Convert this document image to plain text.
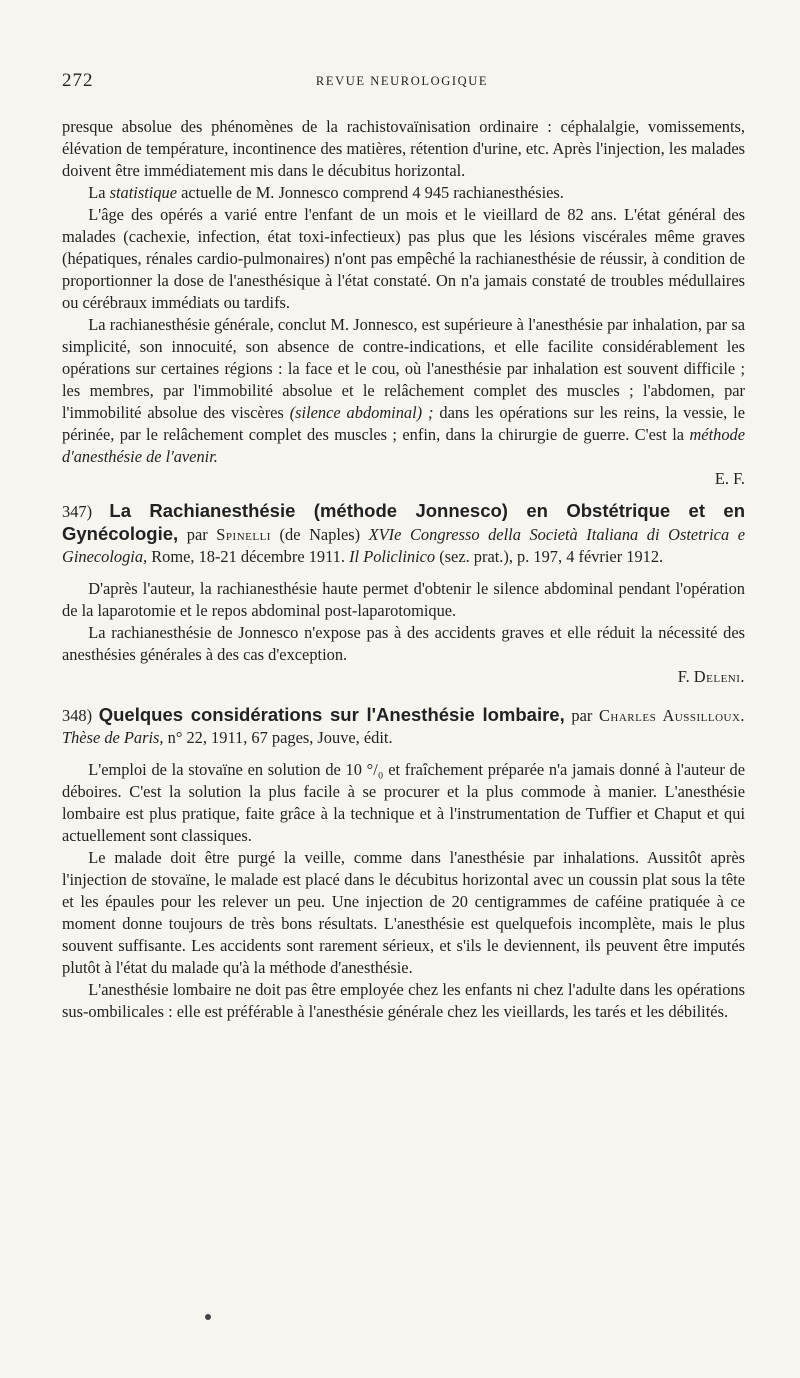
272	REVUE NEUROLOGIQUE

presque absolue des phénomènes de la rachistovaïnisation ordinaire : céphalalgie, vomissements, élévation de température, incontinence des matières, rétention d'urine, etc. Après l'injection, les malades doivent être immédiatement mis dans le décubitus horizontal.

La statistique actuelle de M. Jonnesco comprend 4 945 rachianesthésies.

L'âge des opérés a varié entre l'enfant de un mois et le vieillard de 82 ans. L'état général des malades (cachexie, infection, état toxi-infectieux) pas plus que les lésions viscérales même graves (hépatiques, rénales cardio-pulmonaires) n'ont pas empêché la rachianesthésie de réussir, à condition de proportionner la dose de l'anesthésique à l'état constaté. On n'a jamais constaté de troubles médullaires ou cérébraux immédiats ou tardifs.

La rachianesthésie générale, conclut M. Jonnesco, est supérieure à l'anesthésie par inhalation, par sa simplicité, son innocuité, son absence de contre-indications, et elle facilite considérablement les opérations sur certaines régions : la face et le cou, où l'anesthésie par inhalation est souvent difficile ; les membres, par l'immobilité absolue et le relâchement complet des muscles ; l'abdomen, par l'immobilité absolue des viscères (silence abdominal) ; dans les opérations sur les reins, la vessie, le périnée, par le relâchement complet des muscles ; enfin, dans la chirurgie de guerre. C'est la méthode d'anesthésie de l'avenir.

E. F.

347) La Rachianesthésie (méthode Jonnesco) en Obstétrique et en Gynécologie, par Spinelli (de Naples) XVIe Congresso della Società Italiana di Ostetrica e Ginecologia, Rome, 18-21 décembre 1911. Il Policlinico (sez. prat.), p. 197, 4 février 1912.

D'après l'auteur, la rachianesthésie haute permet d'obtenir le silence abdominal pendant l'opération de la laparotomie et le repos abdominal post-laparotomique.

La rachianesthésie de Jonnesco n'expose pas à des accidents graves et elle réduit la nécessité des anesthésies générales à des cas d'exception.

F. Deleni.

348) Quelques considérations sur l'Anesthésie lombaire, par Charles Aussilloux. Thèse de Paris, n° 22, 1911, 67 pages, Jouve, édit.

L'emploi de la stovaïne en solution de 10 °/₀ et fraîchement préparée n'a jamais donné à l'auteur de déboires. C'est la solution la plus facile à se procurer et la plus commode à manier. L'anesthésie lombaire est plus pratique, faite grâce à la technique et à l'instrumentation de Tuffier et Chaput et qui actuellement sont classiques.

Le malade doit être purgé la veille, comme dans l'anesthésie par inhalations. Aussitôt après l'injection de stovaïne, le malade est placé dans le décubitus horizontal avec un coussin plat sous la tête et les épaules pour les relever un peu. Une injection de 20 centigrammes de caféine pratiquée à ce moment donne toujours de très bons résultats. L'anesthésie est quelquefois incomplète, mais le plus souvent suffisante. Les accidents sont rarement sérieux, et s'ils le deviennent, ils peuvent être imputés plutôt à l'état du malade qu'à la méthode d'anesthésie.

L'anesthésie lombaire ne doit pas être employée chez les enfants ni chez l'adulte dans les opérations sus-ombilicales : elle est préférable à l'anesthésie générale chez les vieillards, les tarés et les débilités.
